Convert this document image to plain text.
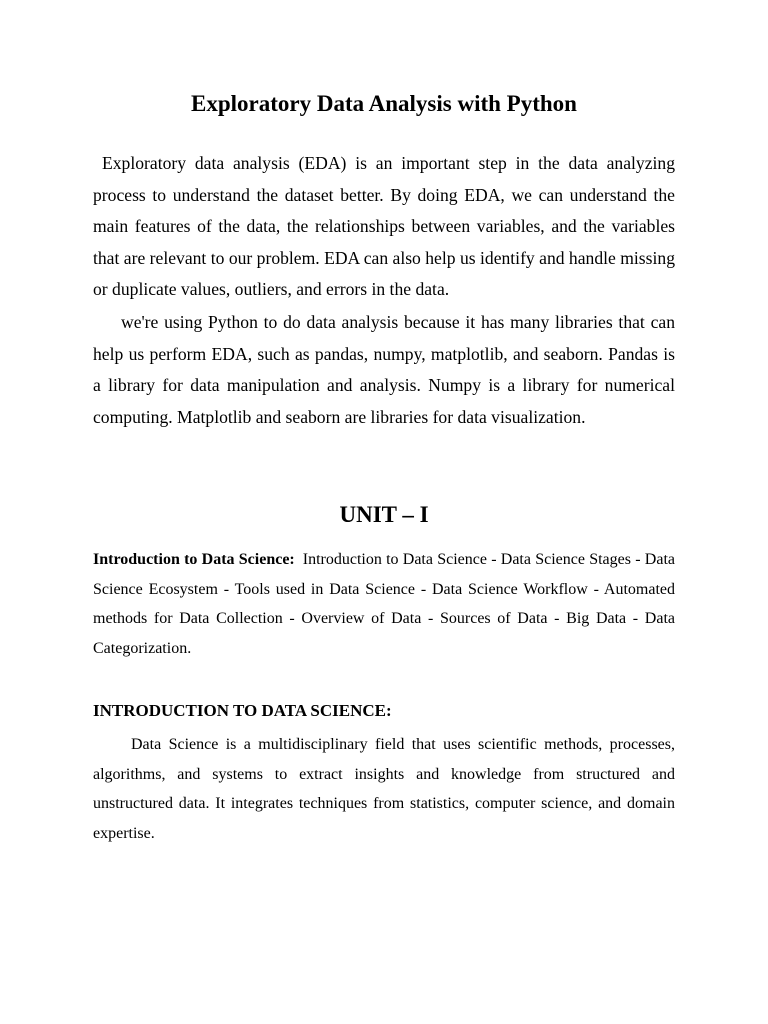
Exploratory Data Analysis with Python

Exploratory data analysis (EDA) is an important step in the data analyzing process to understand the dataset better. By doing EDA, we can understand the main features of the data, the relationships between variables, and the variables that are relevant to our problem. EDA can also help us identify and handle missing or duplicate values, outliers, and errors in the data.

we're using Python to do data analysis because it has many libraries that can help us perform EDA, such as pandas, numpy, matplotlib, and seaborn. Pandas is a library for data manipulation and analysis. Numpy is a library for numerical computing. Matplotlib and seaborn are libraries for data visualization.

UNIT – I

Introduction to Data Science: Introduction to Data Science - Data Science Stages - Data Science Ecosystem - Tools used in Data Science - Data Science Workflow - Automated methods for Data Collection - Overview of Data - Sources of Data - Big Data - Data Categorization.

INTRODUCTION TO DATA SCIENCE:

Data Science is a multidisciplinary field that uses scientific methods, processes, algorithms, and systems to extract insights and knowledge from structured and unstructured data. It integrates techniques from statistics, computer science, and domain expertise.
